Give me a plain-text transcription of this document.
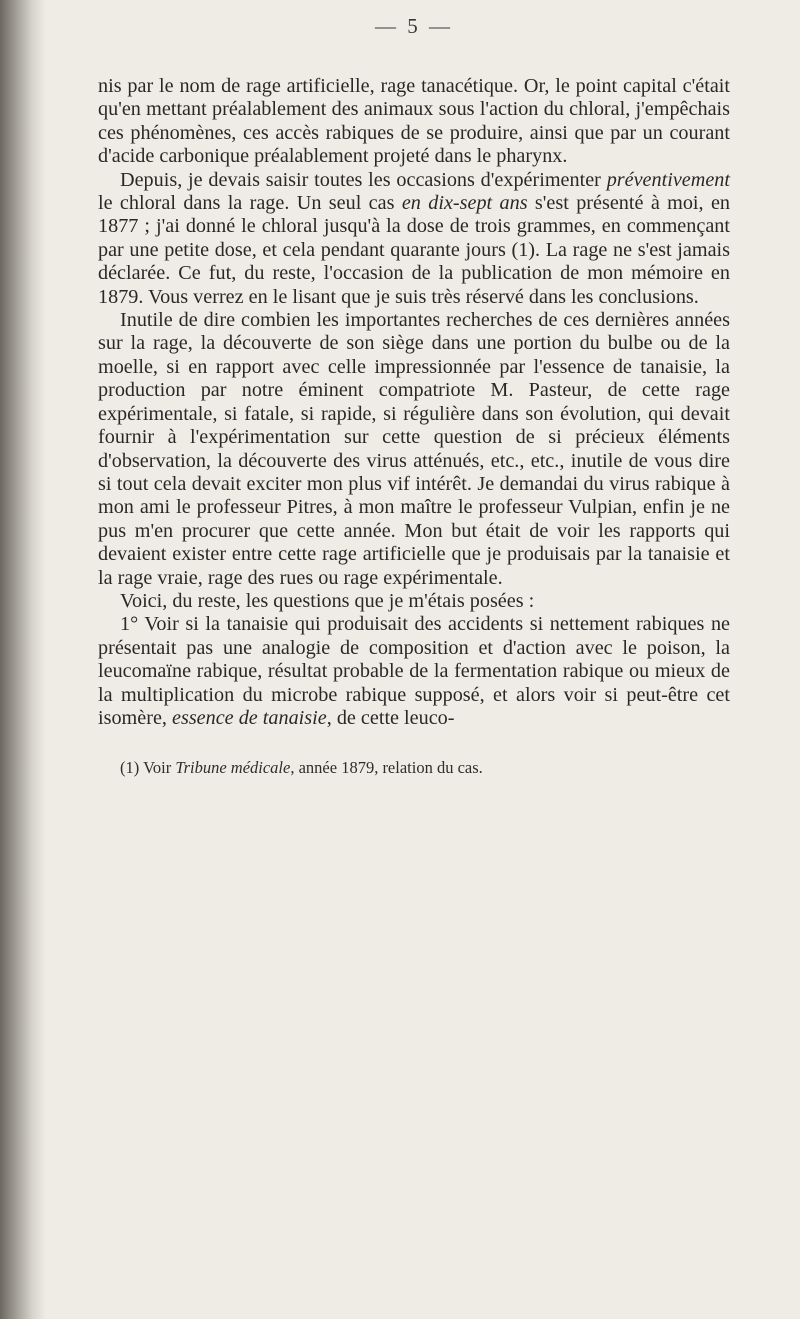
— 5 —

nis par le nom de rage artificielle, rage tanacétique. Or, le point capital c'était qu'en mettant préalablement des animaux sous l'action du chloral, j'empêchais ces phénomènes, ces accès rabiques de se produire, ainsi que par un courant d'acide carbonique préalablement projeté dans le pharynx.

Depuis, je devais saisir toutes les occasions d'expérimenter préventivement le chloral dans la rage. Un seul cas en dix-sept ans s'est présenté à moi, en 1877 ; j'ai donné le chloral jusqu'à la dose de trois grammes, en commençant par une petite dose, et cela pendant quarante jours (1). La rage ne s'est jamais déclarée. Ce fut, du reste, l'occasion de la publication de mon mémoire en 1879. Vous verrez en le lisant que je suis très réservé dans les conclusions.

Inutile de dire combien les importantes recherches de ces dernières années sur la rage, la découverte de son siège dans une portion du bulbe ou de la moelle, si en rapport avec celle impressionnée par l'essence de tanaisie, la production par notre éminent compatriote M. Pasteur, de cette rage expérimentale, si fatale, si rapide, si régulière dans son évolution, qui devait fournir à l'expérimentation sur cette question de si précieux éléments d'observation, la découverte des virus atténués, etc., etc., inutile de vous dire si tout cela devait exciter mon plus vif intérêt. Je demandai du virus rabique à mon ami le professeur Pitres, à mon maître le professeur Vulpian, enfin je ne pus m'en procurer que cette année. Mon but était de voir les rapports qui devaient exister entre cette rage artificielle que je produisais par la tanaisie et la rage vraie, rage des rues ou rage expérimentale.

Voici, du reste, les questions que je m'étais posées :

1° Voir si la tanaisie qui produisait des accidents si nettement rabiques ne présentait pas une analogie de composition et d'action avec le poison, la leucomaïne rabique, résultat probable de la fermentation rabique ou mieux de la multiplication du microbe rabique supposé, et alors voir si peut-être cet isomère, essence de tanaisie, de cette leuco-

(1) Voir Tribune médicale, année 1879, relation du cas.
